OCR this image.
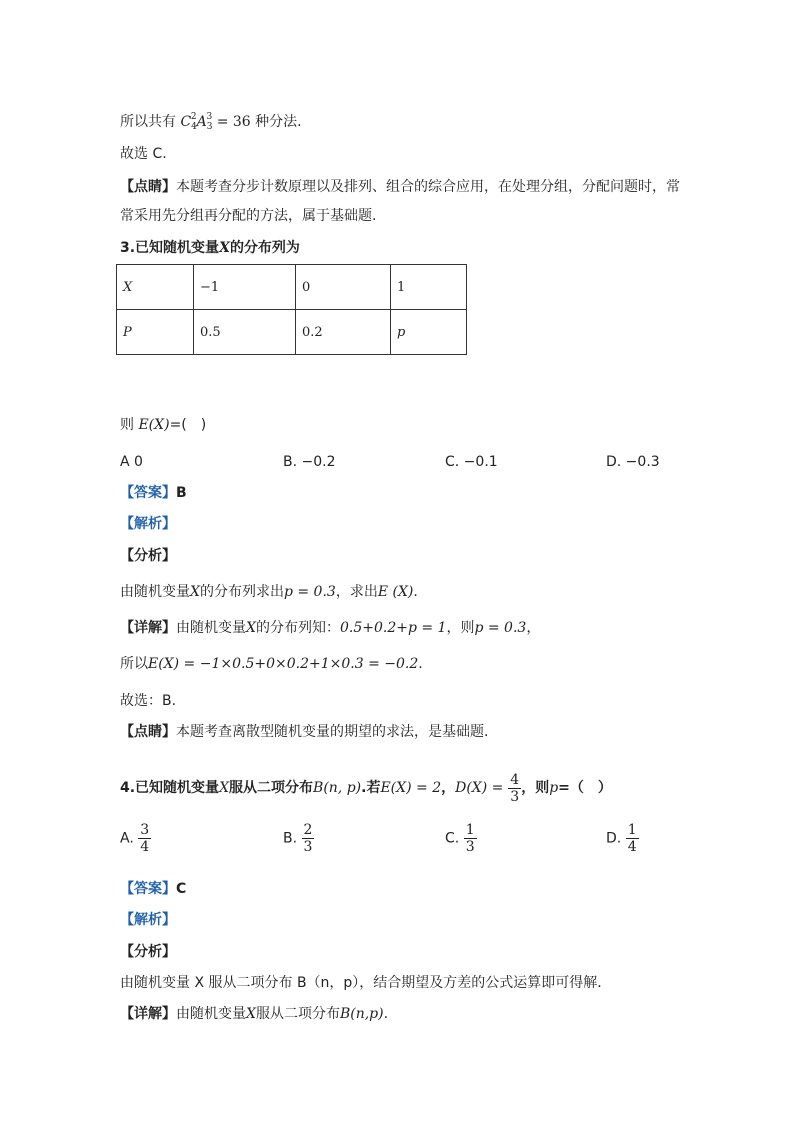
所以共有 $C_4^2A_3^3 = 36$ 种分法.
故选 C.
【点睛】本题考查分步计数原理以及排列、组合的综合应用，在处理分组，分配问题时，常
常采用先分组再分配的方法，属于基础题.
3.已知随机变量X的分布列为
X	−1	0	1
P	0.5	0.2	p
则 E(X)=(　)
A 0	B. −0.2	C. −0.1	D. −0.3
【答案】B
【解析】
【分析】
由随机变量X的分布列求出p = 0.3，求出E (X).
【详解】由随机变量X的分布列知：0.5+0.2+p = 1，则p = 0.3，
所以E(X) = −1×0.5+0×0.2+1×0.3 = −0.2.
故选：B.
【点睛】本题考查离散型随机变量的期望的求法，是基础题.
4.已知随机变量X服从二项分布B(n, p).若E(X) = 2，$D(X) = \frac{4}{3}$ ，则p=（　）
A. $\frac{3}{4}$	B. $\frac{2}{3}$	C. $\frac{1}{3}$	D. $\frac{1}{4}$
【答案】C
【解析】
【分析】
由随机变量 X 服从二项分布 B（n，p），结合期望及方差的公式运算即可得解．
【详解】由随机变量X服从二项分布B(n,p).
